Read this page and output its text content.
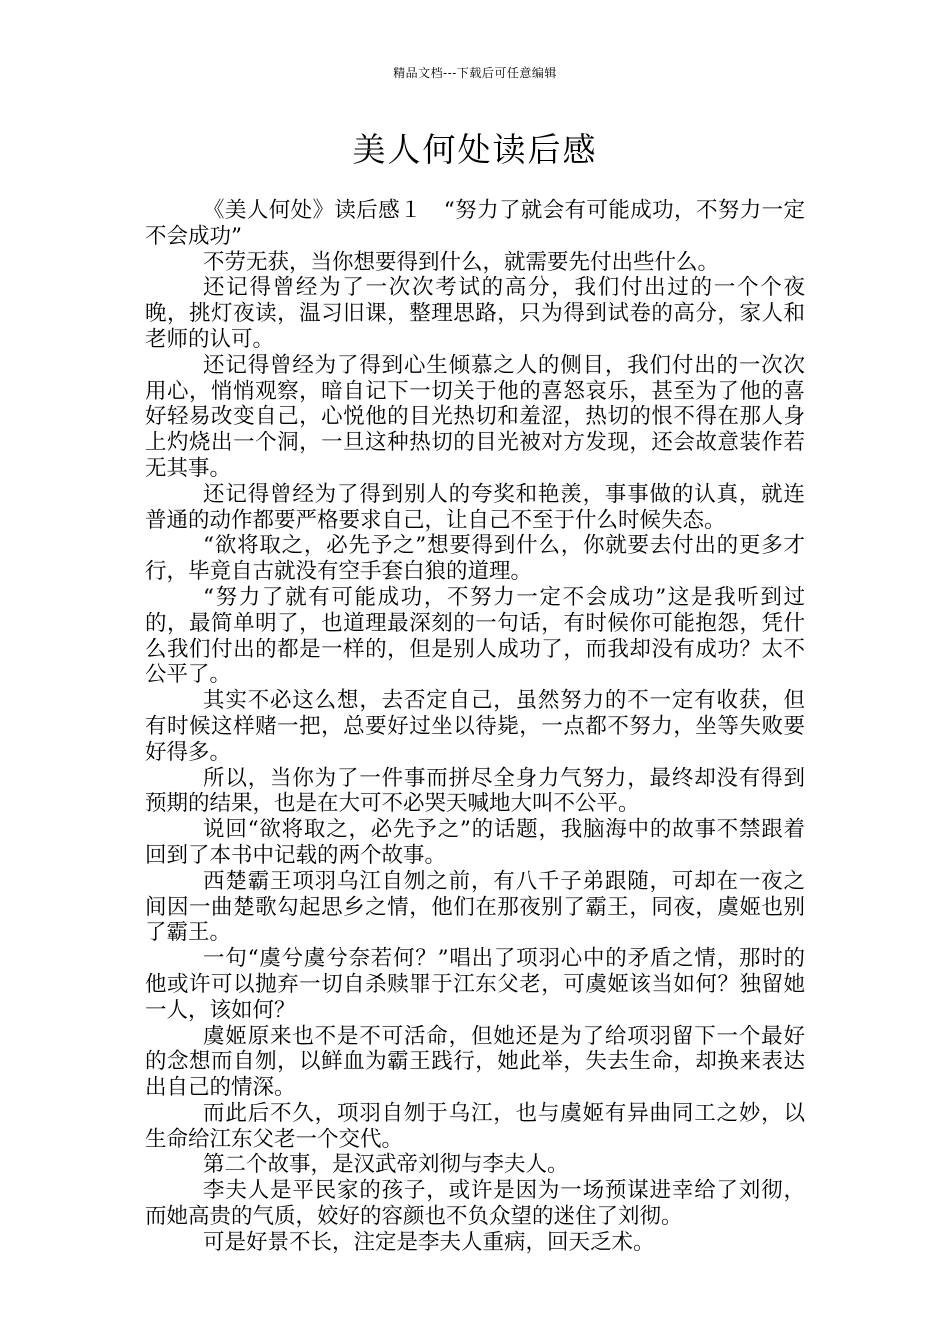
精品文档---下载后可任意编辑
美人何处读后感

《美人何处》读后感１　“努力了就会有可能成功，不努力一定不会成功”

不劳无获，当你想要得到什么，就需要先付出些什么。

还记得曾经为了一次次考试的高分，我们付出过的一个个夜晚，挑灯夜读，温习旧课，整理思路，只为得到试卷的高分，家人和老师的认可。

还记得曾经为了得到心生倾慕之人的侧目，我们付出的一次次用心，悄悄观察，暗自记下一切关于他的喜怒哀乐，甚至为了他的喜好轻易改变自己，心悦他的目光热切和羞涩，热切的恨不得在那人身上灼烧出一个洞，一旦这种热切的目光被对方发现，还会故意装作若无其事。

还记得曾经为了得到别人的夸奖和艳羡，事事做的认真，就连普通的动作都要严格要求自己，让自己不至于什么时候失态。

“欲将取之，必先予之”想要得到什么，你就要去付出的更多才行，毕竟自古就没有空手套白狼的道理。

“努力了就有可能成功，不努力一定不会成功”这是我听到过的，最简单明了，也道理最深刻的一句话，有时候你可能抱怨，凭什么我们付出的都是一样的，但是别人成功了，而我却没有成功？太不公平了。

其实不必这么想，去否定自己，虽然努力的不一定有收获，但有时候这样赌一把，总要好过坐以待毙，一点都不努力，坐等失败要好得多。

所以，当你为了一件事而拼尽全身力气努力，最终却没有得到预期的结果，也是在大可不必哭天喊地大叫不公平。

说回“欲将取之，必先予之”的话题，我脑海中的故事不禁跟着回到了本书中记载的两个故事。

西楚霸王项羽乌江自刎之前，有八千子弟跟随，可却在一夜之间因一曲楚歌勾起思乡之情，他们在那夜别了霸王，同夜，虞姬也别了霸王。

一句“虞兮虞兮奈若何？”唱出了项羽心中的矛盾之情，那时的他或许可以抛弃一切自杀赎罪于江东父老，可虞姬该当如何？独留她一人，该如何？

虞姬原来也不是不可活命，但她还是为了给项羽留下一个最好的念想而自刎，以鲜血为霸王践行，她此举，失去生命，却换来表达出自己的情深。

而此后不久，项羽自刎于乌江，也与虞姬有异曲同工之妙，以生命给江东父老一个交代。

第二个故事，是汉武帝刘彻与李夫人。

李夫人是平民家的孩子，或许是因为一场预谋进幸给了刘彻，而她高贵的气质，姣好的容颜也不负众望的迷住了刘彻。

可是好景不长，注定是李夫人重病，回天乏术。
